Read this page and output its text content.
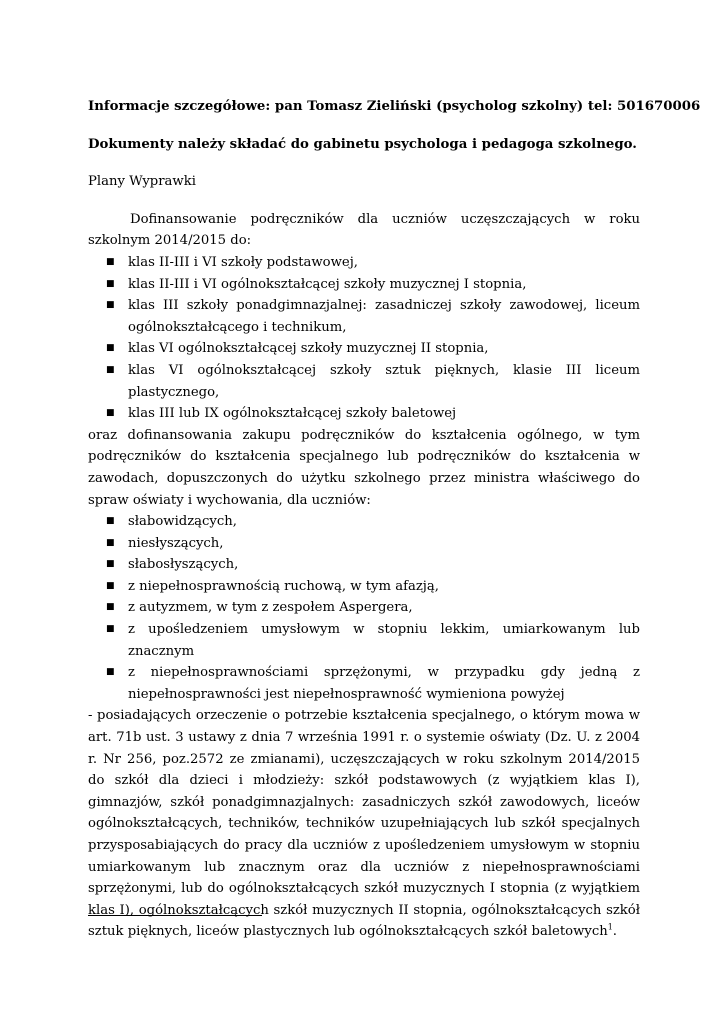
Informacje szczegółowe: pan Tomasz Zieliński (psycholog szkolny) tel: 501670006

Dokumenty należy składać do gabinetu psychologa i pedagoga szkolnego.

Plany Wyprawki

Dofinansowanie podręczników dla uczniów uczęszczających w roku szkolnym 2014/2015 do:

■ klas II-III i VI szkoły podstawowej,
■ klas II-III i VI ogólnokształcącej szkoły muzycznej I stopnia,
■ klas III szkoły ponadgimnazjalnej: zasadniczej szkoły zawodowej, liceum ogólnokształcącego i technikum,
■ klas VI ogólnokształcącej szkoły muzycznej II stopnia,
■ klas VI ogólnokształcącej szkoły sztuk pięknych, klasie III liceum plastycznego,
■ klas III lub IX ogólnokształcącej szkoły baletowej

oraz dofinansowania zakupu podręczników do kształcenia ogólnego, w tym podręczników do kształcenia specjalnego lub podręczników do kształcenia w zawodach, dopuszczonych do użytku szkolnego przez ministra właściwego do spraw oświaty i wychowania, dla uczniów:

■ słabowidzących,
■ niesłyszących,
■ słabosłyszących,
■ z niepełnosprawnością ruchową, w tym afazją,
■ z autyzmem, w tym z zespołem Aspergera,
■ z upośledzeniem umysłowym w stopniu lekkim, umiarkowanym lub znacznym
■ z niepełnosprawnościami sprzężonymi, w przypadku gdy jedną z niepełnosprawności jest niepełnosprawność wymieniona powyżej

- posiadających orzeczenie o potrzebie kształcenia specjalnego, o którym mowa w art. 71b ust. 3 ustawy z dnia 7 września 1991 r. o systemie oświaty (Dz. U. z 2004 r. Nr 256, poz.2572 ze zmianami), uczęszczających w roku szkolnym 2014/2015 do szkół dla dzieci i młodzieży: szkół podstawowych (z wyjątkiem klas I), gimnazjów, szkół ponadgimnazjalnych: zasadniczych szkół zawodowych, liceów ogólnokształcących, techników, techników uzupełniających lub szkół specjalnych przysposabiających do pracy dla uczniów z upośledzeniem umysłowym w stopniu umiarkowanym lub znacznym oraz dla uczniów z niepełnosprawnościami sprzężonymi, lub do ogólnokształcących szkół muzycznych I stopnia (z wyjątkiem klas I), ogólnokształcących szkół muzycznych II stopnia, ogólnokształcących szkół sztuk pięknych, liceów plastycznych lub ogólnokształcących szkół baletowych$^1$.
